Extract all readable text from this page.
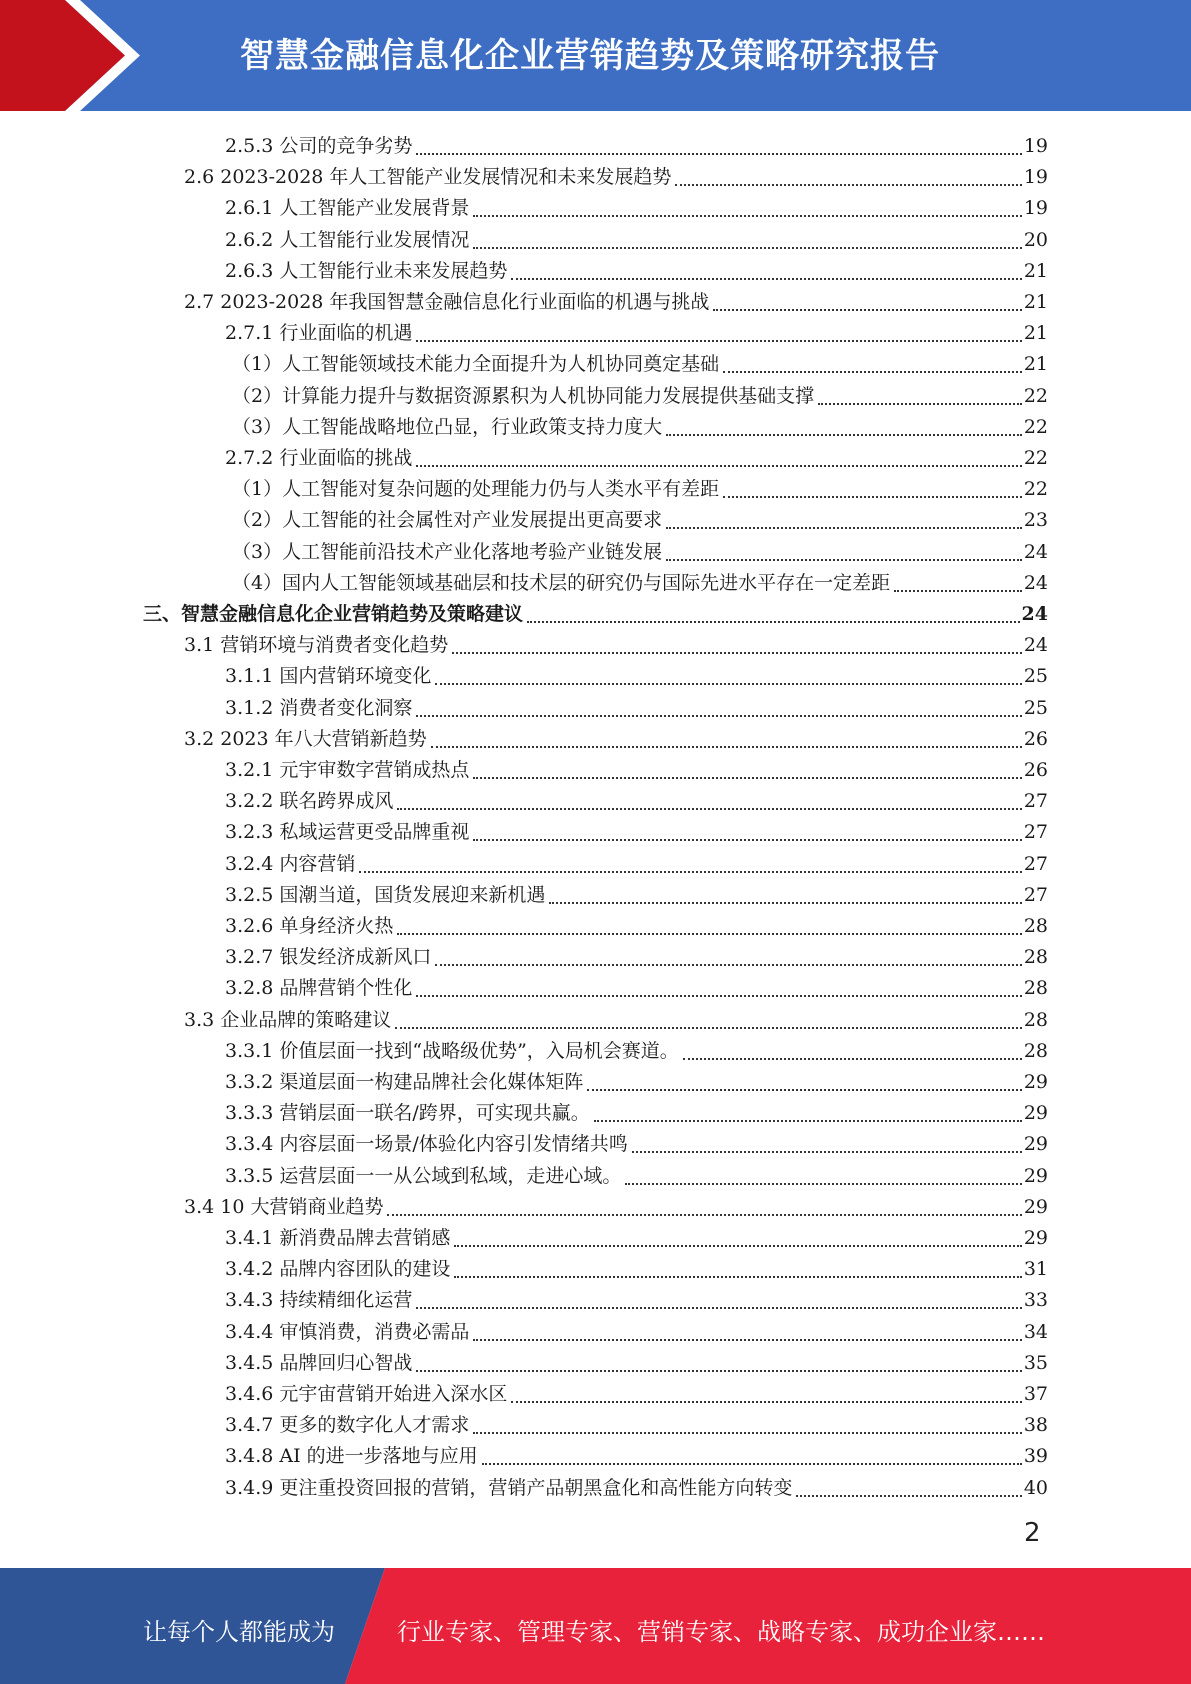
智慧金融信息化企业营销趋势及策略研究报告
2.5.3 公司的竞争劣势	19
2.6 2023-2028 年人工智能产业发展情况和未来发展趋势	19
2.6.1 人工智能产业发展背景	19
2.6.2 人工智能行业发展情况	20
2.6.3 人工智能行业未来发展趋势	21
2.7 2023-2028 年我国智慧金融信息化行业面临的机遇与挑战	21
2.7.1 行业面临的机遇	21
（1）人工智能领域技术能力全面提升为人机协同奠定基础	21
（2）计算能力提升与数据资源累积为人机协同能力发展提供基础支撑	22
（3）人工智能战略地位凸显，行业政策支持力度大	22
2.7.2 行业面临的挑战	22
（1）人工智能对复杂问题的处理能力仍与人类水平有差距	22
（2）人工智能的社会属性对产业发展提出更高要求	23
（3）人工智能前沿技术产业化落地考验产业链发展	24
（4）国内人工智能领域基础层和技术层的研究仍与国际先进水平存在一定差距	24
三、智慧金融信息化企业营销趋势及策略建议	24
3.1 营销环境与消费者变化趋势	24
3.1.1 国内营销环境变化	25
3.1.2 消费者变化洞察	25
3.2 2023 年八大营销新趋势	26
3.2.1 元宇审数字营销成热点	26
3.2.2 联名跨界成风	27
3.2.3 私域运营更受品牌重视	27
3.2.4 内容营销	27
3.2.5 国潮当道，国货发展迎来新机遇	27
3.2.6 单身经济火热	28
3.2.7 银发经济成新风口	28
3.2.8 品牌营销个性化	28
3.3 企业品牌的策略建议	28
3.3.1 价值层面一找到“战略级优势”，入局机会赛道。	28
3.3.2 渠道层面一构建品牌社会化媒体矩阵	29
3.3.3 营销层面一联名/跨界，可实现共赢。	29
3.3.4 内容层面一场景/体验化内容引发情绪共鸣	29
3.3.5 运营层面一一从公域到私域，走进心域。	29
3.4 10 大营销商业趋势	29
3.4.1 新消费品牌去营销感	29
3.4.2 品牌内容团队的建设	31
3.4.3 持续精细化运营	33
3.4.4 审慎消费，消费必需品	34
3.4.5 品牌回归心智战	35
3.4.6 元宇宙营销开始进入深水区	37
3.4.7 更多的数字化人才需求	38
3.4.8 AI 的进一步落地与应用	39
3.4.9 更注重投资回报的营销，营销产品朝黑盒化和高性能方向转变	40
2
让每个人都能成为	行业专家、管理专家、营销专家、战略专家、成功企业家……
